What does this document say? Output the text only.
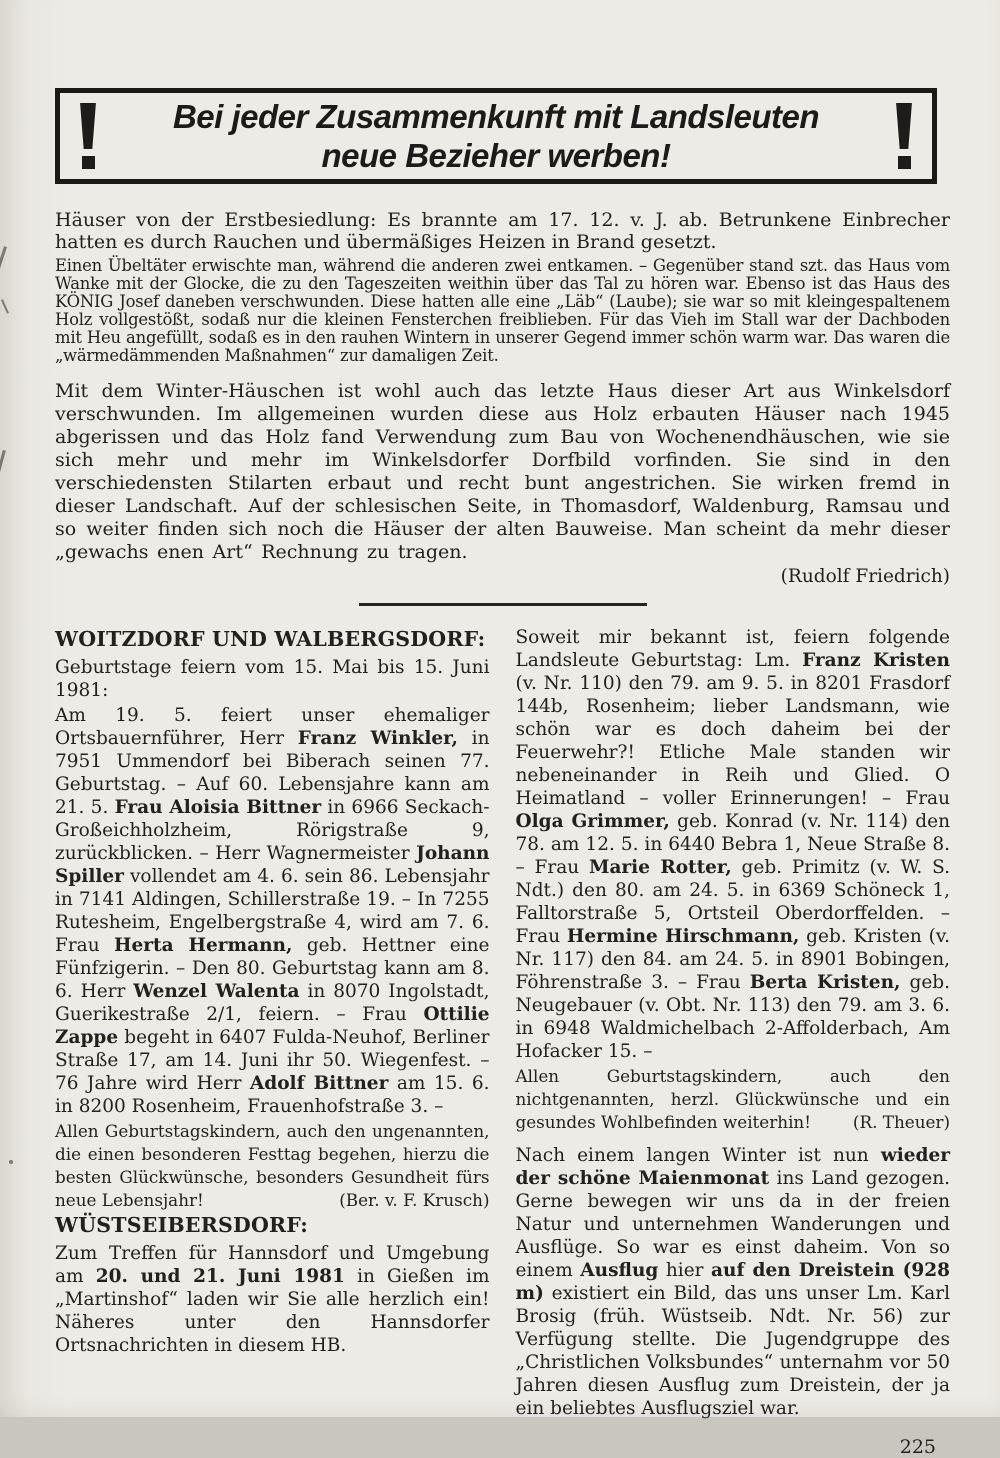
Bei jeder Zusammenkunft mit Landsleuten
neue Bezieher werben!

Häuser von der Erstbesiedlung: Es brannte am 17. 12. v. J. ab. Betrunkene Einbrecher hatten es durch Rauchen und übermäßiges Heizen in Brand gesetzt.

Einen Übeltäter erwischte man, während die anderen zwei entkamen. – Gegenüber stand szt. das Haus vom Wanke mit der Glocke, die zu den Tageszeiten weithin über das Tal zu hören war. Ebenso ist das Haus des KÖNIG Josef daneben verschwunden. Diese hatten alle eine „Läb“ (Laube); sie war so mit kleingespaltenem Holz vollgestößt, sodaß nur die kleinen Fensterchen freiblieben. Für das Vieh im Stall war der Dachboden mit Heu angefüllt, sodaß es in den rauhen Wintern in unserer Gegend immer schön warm war. Das waren die „wärmedämmenden Maßnahmen“ zur damaligen Zeit.

Mit dem Winter-Häuschen ist wohl auch das letzte Haus dieser Art aus Winkelsdorf verschwunden. Im allgemeinen wurden diese aus Holz erbauten Häuser nach 1945 abgerissen und das Holz fand Verwendung zum Bau von Wochenendhäuschen, wie sie sich mehr und mehr im Winkelsdorfer Dorfbild vorfinden. Sie sind in den verschiedensten Stilarten erbaut und recht bunt angestrichen. Sie wirken fremd in dieser Landschaft. Auf der schlesischen Seite, in Thomasdorf, Waldenburg, Ramsau und so weiter finden sich noch die Häuser der alten Bauweise. Man scheint da mehr dieser „gewachs enen Art“ Rechnung zu tragen.

(Rudolf Friedrich)
WOITZDORF UND WALBERGSDORF:

Geburtstage feiern vom 15. Mai bis 15. Juni 1981:

Am 19. 5. feiert unser ehemaliger Ortsbauernführer, Herr Franz Winkler, in 7951 Ummendorf bei Biberach seinen 77. Geburtstag. – Auf 60. Lebensjahre kann am 21. 5. Frau Aloisia Bittner in 6966 Seckach-Großeichholzheim, Rörigstraße 9, zurückblicken. – Herr Wagnermeister Johann Spiller vollendet am 4. 6. sein 86. Lebensjahr in 7141 Aldingen, Schillerstraße 19. – In 7255 Rutesheim, Engelbergstraße 4, wird am 7. 6. Frau Herta Hermann, geb. Hettner eine Fünfzigerin. – Den 80. Geburtstag kann am 8. 6. Herr Wenzel Walenta in 8070 Ingolstadt, Guerikestraße 2/1, feiern. – Frau Ottilie Zappe begeht in 6407 Fulda-Neuhof, Berliner Straße 17, am 14. Juni ihr 50. Wiegenfest. – 76 Jahre wird Herr Adolf Bittner am 15. 6. in 8200 Rosenheim, Frauenhofstraße 3. –

Allen Geburtstagskindern, auch den ungenannten, die einen besonderen Festtag begehen, hierzu die besten Glückwünsche, besonders Gesundheit fürs neue Lebensjahr!	(Ber. v. F. Krusch)

WÜSTSEIBERSDORF:

Zum Treffen für Hannsdorf und Umgebung am 20. und 21. Juni 1981 in Gießen im „Martinshof“ laden wir Sie alle herzlich ein! Näheres unter den Hannsdorfer Ortsnachrichten in diesem HB.

Soweit mir bekannt ist, feiern folgende Landsleute Geburtstag: Lm. Franz Kristen (v. Nr. 110) den 79. am 9. 5. in 8201 Frasdorf 144b, Rosenheim; lieber Landsmann, wie schön war es doch daheim bei der Feuerwehr?! Etliche Male standen wir nebeneinander in Reih und Glied. O Heimatland – voller Erinnerungen! – Frau Olga Grimmer, geb. Konrad (v. Nr. 114) den 78. am 12. 5. in 6440 Bebra 1, Neue Straße 8. – Frau Marie Rotter, geb. Primitz (v. W. S. Ndt.) den 80. am 24. 5. in 6369 Schöneck 1, Falltorstraße 5, Ortsteil Oberdorffelden. – Frau Hermine Hirschmann, geb. Kristen (v. Nr. 117) den 84. am 24. 5. in 8901 Bobingen, Föhrenstraße 3. – Frau Berta Kristen, geb. Neugebauer (v. Obt. Nr. 113) den 79. am 3. 6. in 6948 Waldmichelbach 2-Affolderbach, Am Hofacker 15. –

Allen Geburtstagskindern, auch den nichtgenannten, herzl. Glückwünsche und ein gesundes Wohlbefinden weiterhin! (R. Theuer)

Nach einem langen Winter ist nun wieder der schöne Maienmonat ins Land gezogen. Gerne bewegen wir uns da in der freien Natur und unternehmen Wanderungen und Ausflüge. So war es einst daheim. Von so einem Ausflug hier auf den Dreistein (928 m) existiert ein Bild, das uns unser Lm. Karl Brosig (früh. Wüstseib. Ndt. Nr. 56) zur Verfügung stellte. Die Jugendgruppe des „Christlichen Volksbundes“ unternahm vor 50 Jahren diesen Ausflug zum Dreistein, der ja ein beliebtes Ausflugsziel war.

225
